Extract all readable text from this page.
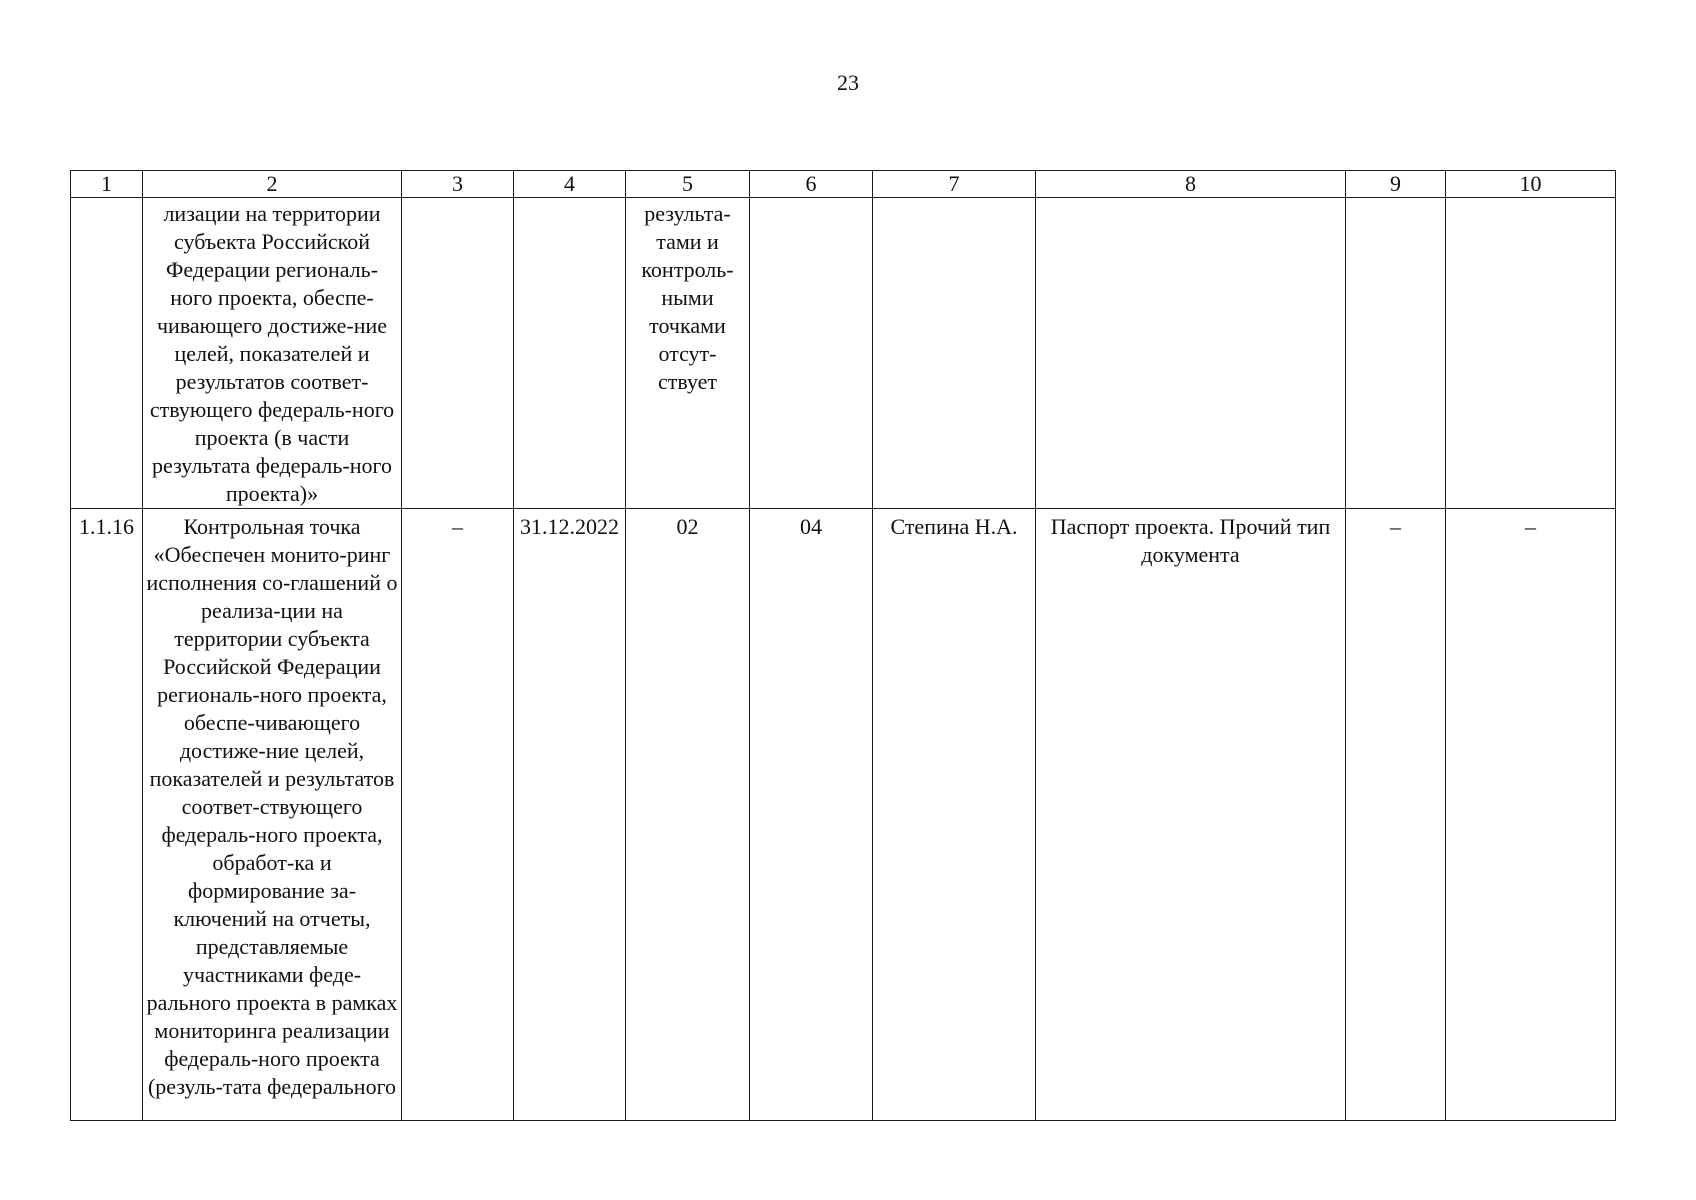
23
1	2	3	4	5	6	7	8	9	10
	лизации на территории субъекта Российской Федерации региональ-ного проекта, обеспе-чивающего достиже-ние целей, показателей и результатов соответ-ствующего федераль-ного проекта (в части результата федераль-ного проекта)»			результа-тами и контроль-ными точками отсут-ствует					
1.1.16	Контрольная точка «Обеспечен монито-ринг исполнения со-глашений о реализа-ции на территории субъекта Российской Федерации региональ-ного проекта, обеспе-чивающего достиже-ние целей, показателей и результатов соответ-ствующего федераль-ного проекта, обработ-ка и формирование за-ключений на отчеты, представляемые участниками феде-рального проекта в рамках мониторинга реализации федераль-ного проекта (резуль-тата федерального	–	31.12.2022	02	04	Степина Н.А.	Паспорт проекта. Прочий тип документа	–	–
